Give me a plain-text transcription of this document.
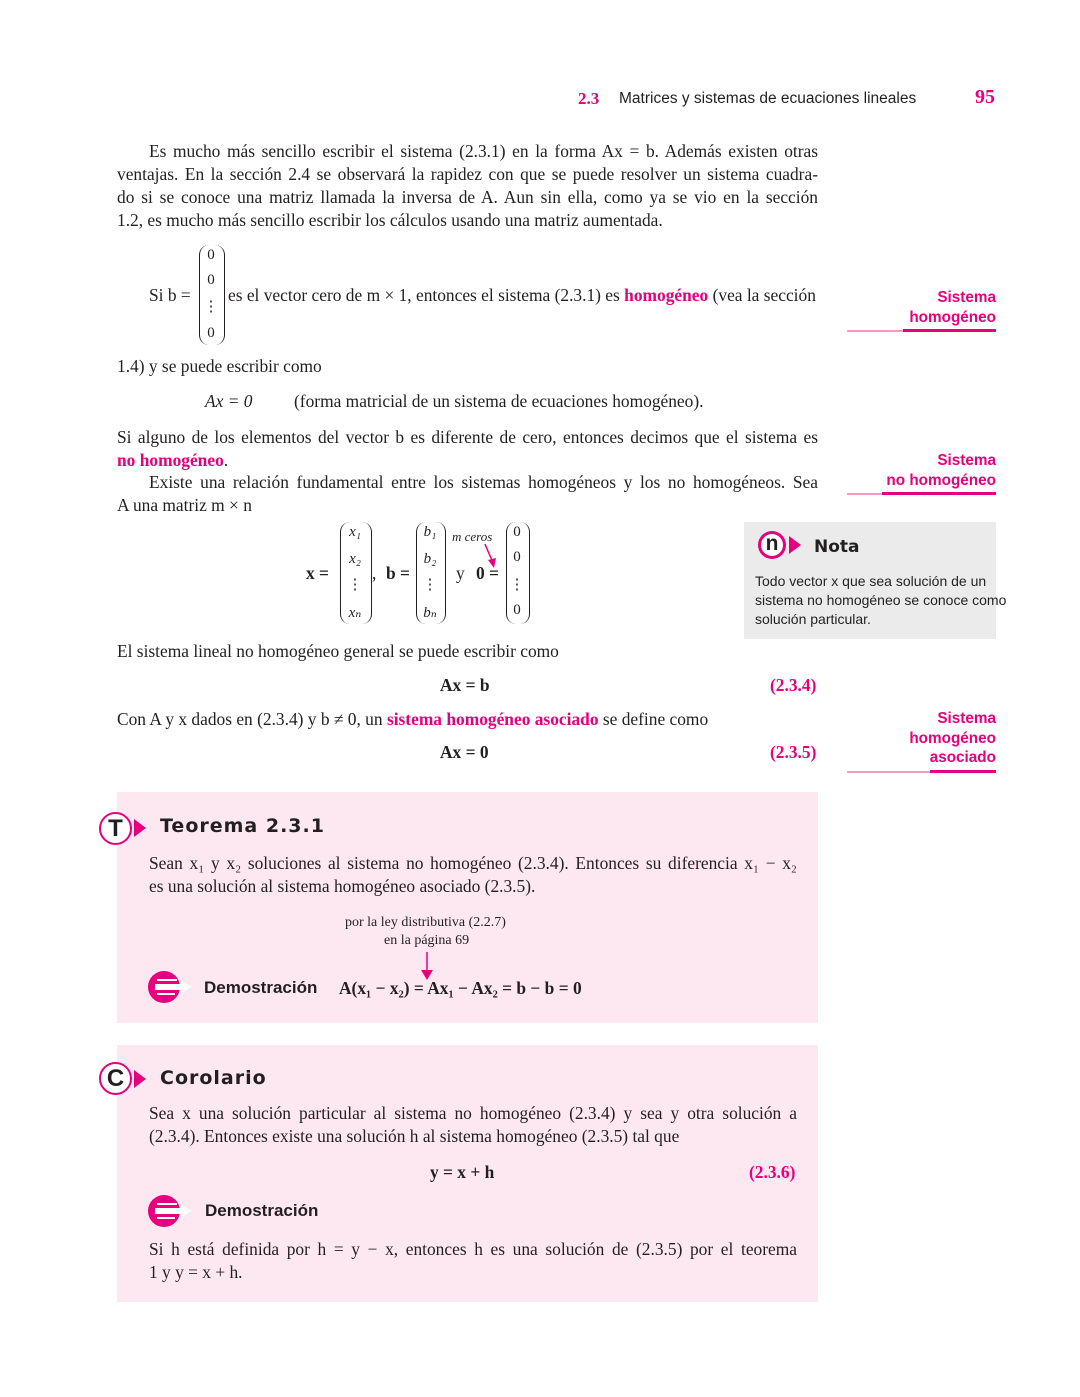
2.3 Matrices y sistemas de ecuaciones lineales	95
Es mucho más sencillo escribir el sistema (2.3.1) en la forma Ax = b. Además existen otras
ventajas. En la sección 2.4 se observará la rapidez con que se puede resolver un sistema cuadra-
do si se conoce una matriz llamada la inversa de A. Aun sin ella, como ya se vio en la sección
1.2, es mucho más sencillo escribir los cálculos usando una matriz aumentada.
Si b =
0
0
⋮
0
es el vector cero de m × 1, entonces el sistema (2.3.1) es homogéneo (vea la sección
1.4) y se puede escribir como
Ax = 0 (forma matricial de un sistema de ecuaciones homogéneo).
Si alguno de los elementos del vector b es diferente de cero, entonces decimos que el sistema es
no homogéneo.
Existe una relación fundamental entre los sistemas homogéneos y los no homogéneos. Sea
A una matriz m × n
x =
x₁
x₂
⋮
xₙ
, b =
b₁
b₂
⋮
bₙ
y
m ceros
0 =
0
0
⋮
0
n	Nota
Todo vector x que sea solución de un
sistema no homogéneo se conoce como
solución particular.
El sistema lineal no homogéneo general se puede escribir como
Ax = b	(2.3.4)
Con A y x dados en (2.3.4) y b ≠ 0, un sistema homogéneo asociado se define como
Ax = 0	(2.3.5)
Sistema
homogéneo
Sistema
no homogéneo
Sistema
homogéneo
asociado
T	Teorema 2.3.1
Sean x₁ y x₂ soluciones al sistema no homogéneo (2.3.4). Entonces su diferencia x₁ − x₂
es una solución al sistema homogéneo asociado (2.3.5).
por la ley distributiva (2.2.7)
en la página 69
Demostración A(x₁ − x₂) = Ax₁ − Ax₂ = b − b = 0
C	Corolario
Sea x una solución particular al sistema no homogéneo (2.3.4) y sea y otra solución a
(2.3.4). Entonces existe una solución h al sistema homogéneo (2.3.5) tal que
y = x + h	(2.3.6)
Demostración
Si h está definida por h = y − x, entonces h es una solución de (2.3.5) por el teorema
1 y y = x + h.
